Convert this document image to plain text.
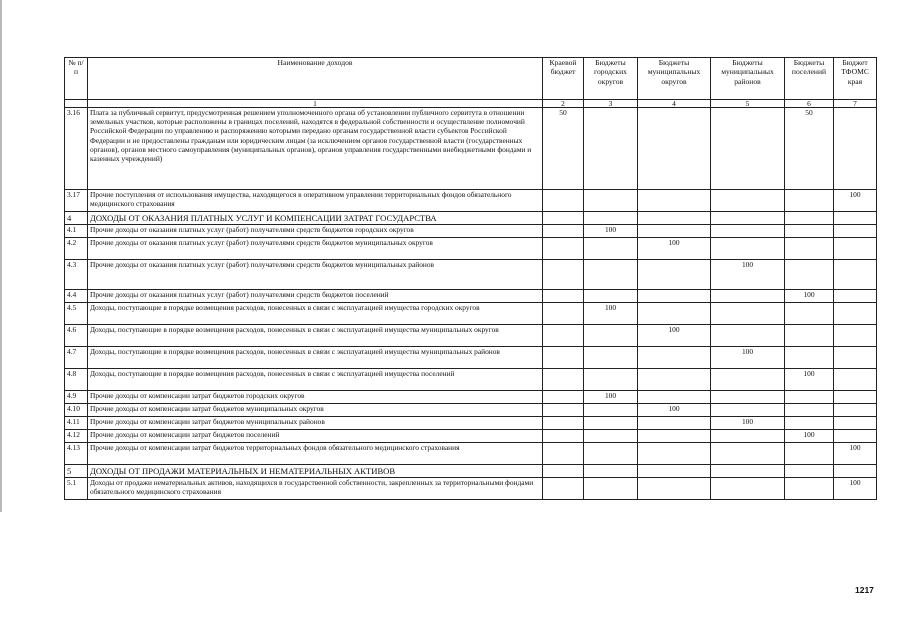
№ п/п	Наименование доходов	Краевой бюджет	Бюджеты городских округов	Бюджеты муниципальных округов	Бюджеты муниципальных районов	Бюджеты поселений	Бюджет ТФОМС края
	1	2	3	4	5	6	7
3.16	Плата за публичный сервитут, предусмотренная решением уполномоченного органа об установлении публичного сервитута в отношении земельных участков, которые расположены в границах поселений, находятся в федеральной собственности и осуществление полномочий Российской Федерации по управлению и распоряжению которыми передано органам государственной власти субъектов Российской Федерации и не предоставлены гражданам или юридическим лицам (за исключением органов государственной власти (государственных органов), органов местного самоуправления (муниципальных органов), органов управления государственными внебюджетными фондами и казенных учреждений)	50				50	
3.17	Прочие поступления от использования имущества, находящегося в оперативном управлении территориальных фондов обязательного медицинского страхования						100
4	ДОХОДЫ ОТ ОКАЗАНИЯ ПЛАТНЫХ УСЛУГ И КОМПЕНСАЦИИ ЗАТРАТ ГОСУДАРСТВА						
4.1	Прочие доходы от оказания платных услуг (работ) получателями средств бюджетов городских округов		100				
4.2	Прочие доходы от оказания платных услуг (работ) получателями средств бюджетов муниципальных округов			100			
4.3	Прочие доходы от оказания платных услуг (работ) получателями средств бюджетов муниципальных районов				100		
4.4	Прочие доходы от оказания платных услуг (работ) получателями средств бюджетов поселений					100	
4.5	Доходы, поступающие в порядке возмещения расходов, понесенных в связи с эксплуатацией имущества городских округов		100				
4.6	Доходы, поступающие в порядке возмещения расходов, понесенных в связи с эксплуатацией имущества муниципальных округов			100			
4.7	Доходы, поступающие в порядке возмещения расходов, понесенных в связи с эксплуатацией имущества муниципальных районов				100		
4.8	Доходы, поступающие в порядке возмещения расходов, понесенных в связи с эксплуатацией имущества поселений					100	
4.9	Прочие доходы от компенсации затрат бюджетов городских округов		100				
4.10	Прочие доходы от компенсации затрат бюджетов муниципальных округов			100			
4.11	Прочие доходы от компенсации затрат бюджетов муниципальных районов				100		
4.12	Прочие доходы от компенсации затрат бюджетов поселений					100	
4.13	Прочие доходы от компенсации затрат бюджетов территориальных фондов обязательного медицинского страхования						100
5	ДОХОДЫ ОТ ПРОДАЖИ МАТЕРИАЛЬНЫХ И НЕМАТЕРИАЛЬНЫХ АКТИВОВ						
5.1	Доходы от продажи нематериальных активов, находящихся в государственной собственности, закрепленных за территориальными фондами обязательного медицинского страхования						100
1217
